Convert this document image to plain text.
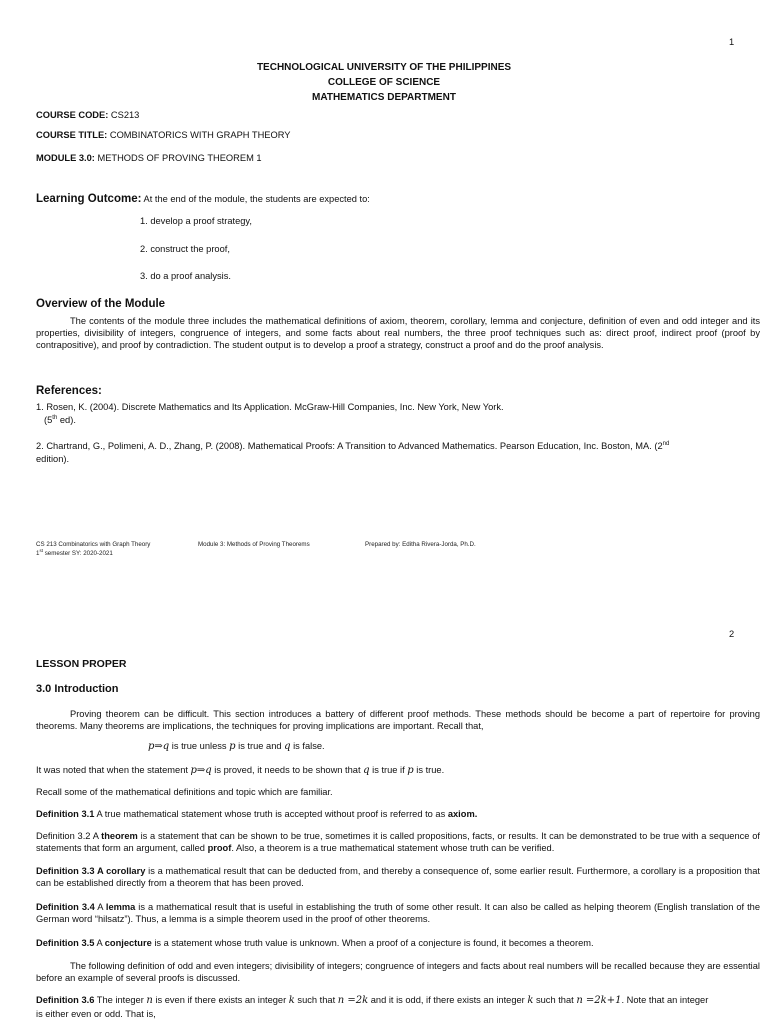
1
TECHNOLOGICAL UNIVERSITY OF THE PHILIPPINES
COLLEGE OF SCIENCE
MATHEMATICS DEPARTMENT
COURSE CODE: CS213
COURSE TITLE: COMBINATORICS WITH GRAPH THEORY
MODULE 3.0: METHODS OF PROVING THEOREM 1
Learning Outcome: At the end of the module, the students are expected to:
1. develop a proof strategy,
2. construct the proof,
3. do a proof analysis.
Overview of the Module
The contents of the module three includes the mathematical definitions of axiom, theorem, corollary, lemma and conjecture, definition of even and odd integer and its properties, divisibility of integers, congruence of integers, and some facts about real numbers, the three proof techniques such as: direct proof, indirect proof (proof by contrapositive), and proof by contradiction. The student output is to develop a proof a strategy, construct a proof and do the proof analysis.
References:
1. Rosen, K. (2004). Discrete Mathematics and Its Application. McGraw-Hill Companies, Inc. New York, New York.
(5th ed).
2. Chartrand, G., Polimeni, A. D., Zhang, P. (2008). Mathematical Proofs: A Transition to Advanced Mathematics. Pearson Education, Inc. Boston, MA. (2nd
edition).
CS 213 Combinatorics with Graph Theory
1st semester SY: 2020-2021
Module 3: Methods of Proving Theorems	Prepared by: Editha Rivera-Jorda, Ph.D.
2
LESSON PROPER
3.0 Introduction
Proving theorem can be difficult. This section introduces a battery of different proof methods. These methods should be become a part of repertoire for proving theorems. Many theorems are implications, the techniques for proving implications are important. Recall that,
p⇒q is true unless p is true and q is false.
It was noted that when the statement p⇒q is proved, it needs to be shown that q is true if p is true.
Recall some of the mathematical definitions and topic which are familiar.
Definition 3.1 A true mathematical statement whose truth is accepted without proof is referred to as axiom.
Definition 3.2 A theorem is a statement that can be shown to be true, sometimes it is called propositions, facts, or results. It can be demonstrated to be true with a sequence of statements that form an argument, called proof. Also, a theorem is a true mathematical statement whose truth can be verified.
Definition 3.3 A corollary is a mathematical result that can be deducted from, and thereby a consequence of, some earlier result. Furthermore, a corollary is a proposition that can be established directly from a theorem that has been proved.
Definition 3.4 A lemma is a mathematical result that is useful in establishing the truth of some other result. It can also be called as helping theorem (English translation of the German word “hilsatz”). Thus, a lemma is a simple theorem used in the proof of other theorems.
Definition 3.5 A conjecture is a statement whose truth value is unknown. When a proof of a conjecture is found, it becomes a theorem.
The following definition of odd and even integers; divisibility of integers; congruence of integers and facts about real numbers will be recalled because they are essential before an example of several proofs is discussed.
Definition 3.6 The integer n is even if there exists an integer k such that n =2k and it is odd, if there exists an integer k such that n =2k+1. Note that an integer
is either even or odd. That is,
